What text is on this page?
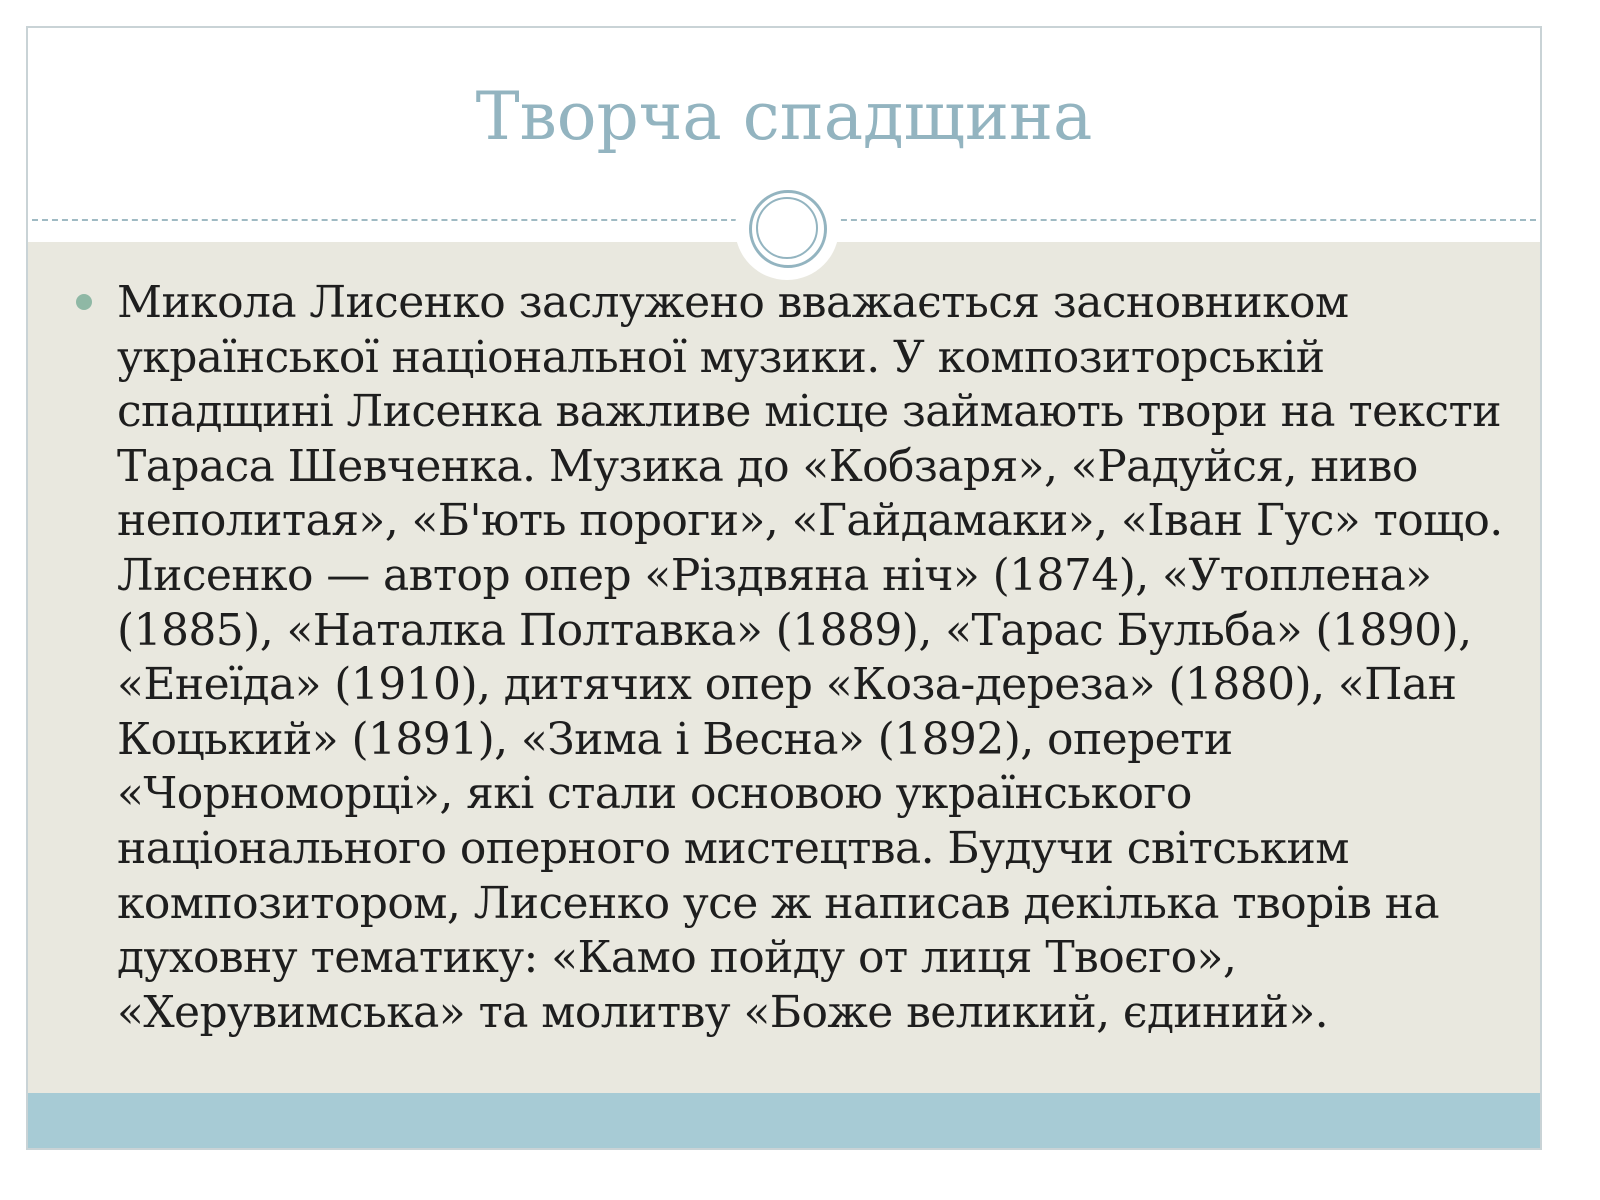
Творча спадщина

Микола Лисенко заслужено вважається засновником української національної музики. У композиторській спадщині Лисенка важливе місце займають твори на тексти Тараса Шевченка. Музика до «Кобзаря», «Радуйся, ниво неполитая», «Б'ють пороги», «Гайдамаки», «Іван Гус» тощо. Лисенко — автор опер «Різдвяна ніч» (1874), «Утоплена» (1885), «Наталка Полтавка» (1889), «Тарас Бульба» (1890), «Енеїда» (1910), дитячих опер «Коза-дереза» (1880), «Пан Коцький» (1891), «Зима і Весна» (1892), оперети «Чорноморці», які стали основою українського національного оперного мистецтва. Будучи світським композитором, Лисенко усе ж написав декілька творів на духовну тематику: «Камо пойду от лиця Твоєго», «Херувимська» та молитву «Боже великий, єдиний».
